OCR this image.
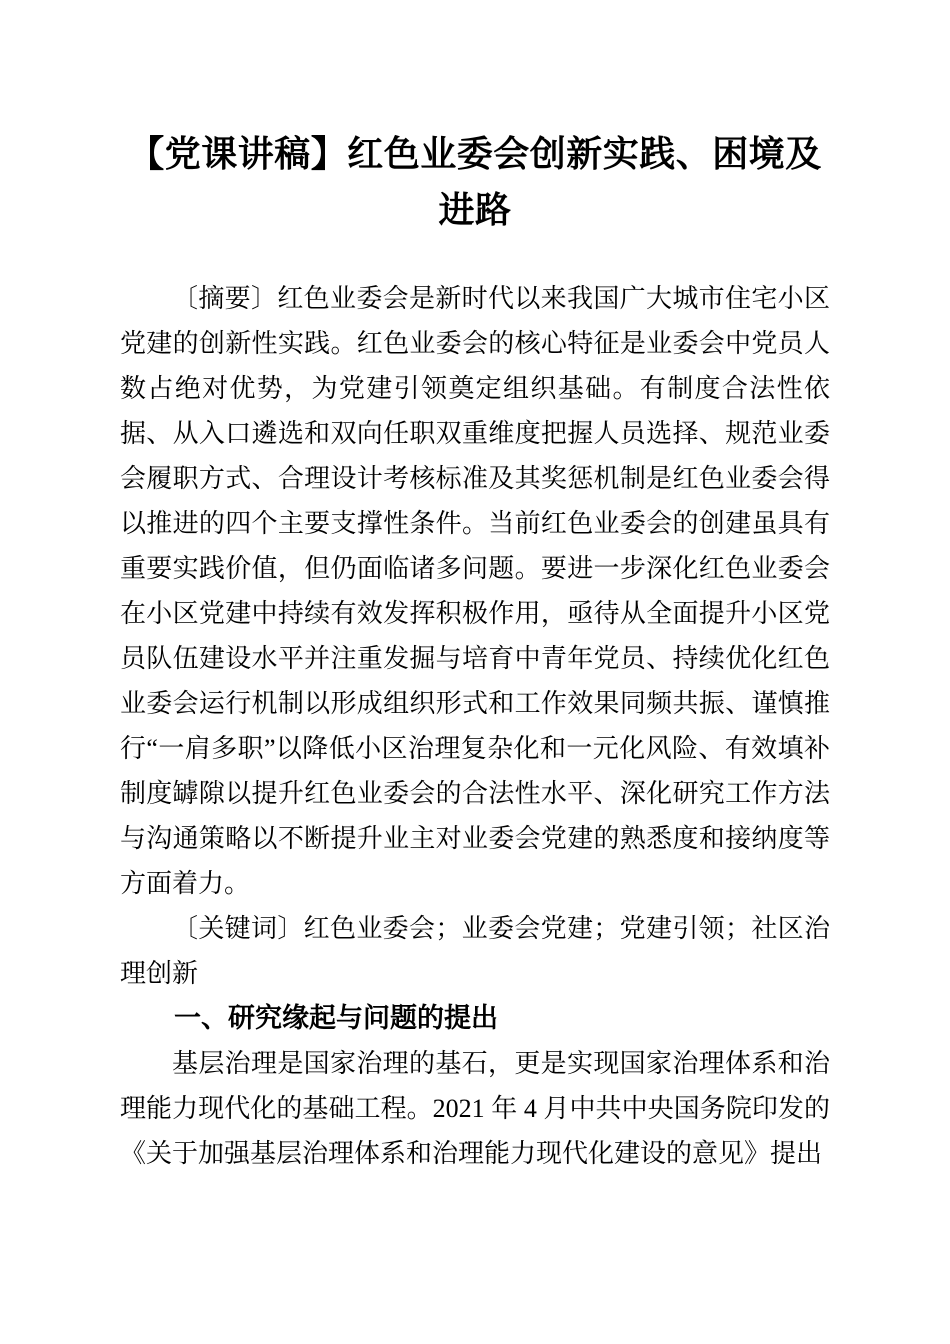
【党课讲稿】红色业委会创新实践、困境及进路

〔摘要〕红色业委会是新时代以来我国广大城市住宅小区党建的创新性实践。红色业委会的核心特征是业委会中党员人数占绝对优势，为党建引领奠定组织基础。有制度合法性依据、从入口遴选和双向任职双重维度把握人员选择、规范业委会履职方式、合理设计考核标准及其奖惩机制是红色业委会得以推进的四个主要支撑性条件。当前红色业委会的创建虽具有重要实践价值，但仍面临诸多问题。要进一步深化红色业委会在小区党建中持续有效发挥积极作用，亟待从全面提升小区党员队伍建设水平并注重发掘与培育中青年党员、持续优化红色业委会运行机制以形成组织形式和工作效果同频共振、谨慎推行“一肩多职”以降低小区治理复杂化和一元化风险、有效填补制度罅隙以提升红色业委会的合法性水平、深化研究工作方法与沟通策略以不断提升业主对业委会党建的熟悉度和接纳度等方面着力。

〔关键词〕红色业委会；业委会党建；党建引领；社区治理创新

一、研究缘起与问题的提出

基层治理是国家治理的基石，更是实现国家治理体系和治理能力现代化的基础工程。2021 年 4 月中共中央国务院印发的《关于加强基层治理体系和治理能力现代化建设的意见》提出
